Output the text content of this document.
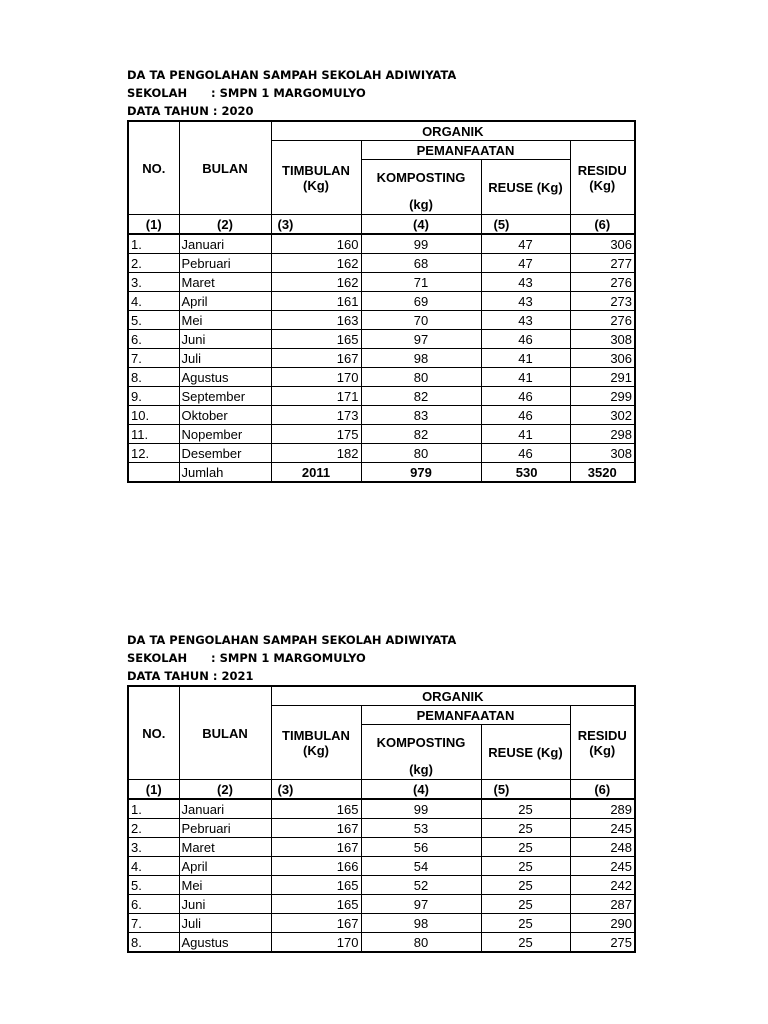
DA TA PENGOLAHAN SAMPAH SEKOLAH ADIWIYATA
SEKOLAH : SMPN 1 MARGOMULYO
DATA TAHUN : 2020
NO.	BULAN	ORGANIK			

		TIMBULAN (Kg)	PEMANFAATAN		RESIDU (Kg)

			KOMPOSTING	REUSE (Kg)	
			(kg)		
(1)	(2)	(3)	(4)	(5)	(6)
1.	Januari	160	99	47	306
2.	Pebruari	162	68	47	277
3.	Maret	162	71	43	276
4.	April	161	69	43	273
5.	Mei	163	70	43	276
6.	Juni	165	97	46	308
7.	Juli	167	98	41	306
8.	Agustus	170	80	41	291
9.	September	171	82	46	299
10.	Oktober	173	83	46	302
11.	Nopember	175	82	41	298
12.	Desember	182	80	46	308
	Jumlah	2011	979	530	3520
DA TA PENGOLAHAN SAMPAH SEKOLAH ADIWIYATA
SEKOLAH : SMPN 1 MARGOMULYO
DATA TAHUN : 2021
NO.	BULAN	ORGANIK			

		TIMBULAN (Kg)	PEMANFAATAN		RESIDU (Kg)

			KOMPOSTING	REUSE (Kg)	
			(kg)		
(1)	(2)	(3)	(4)	(5)	(6)
1.	Januari	165	99	25	289
2.	Pebruari	167	53	25	245
3.	Maret	167	56	25	248
4.	April	166	54	25	245
5.	Mei	165	52	25	242
6.	Juni	165	97	25	287
7.	Juli	167	98	25	290
8.	Agustus	170	80	25	275
